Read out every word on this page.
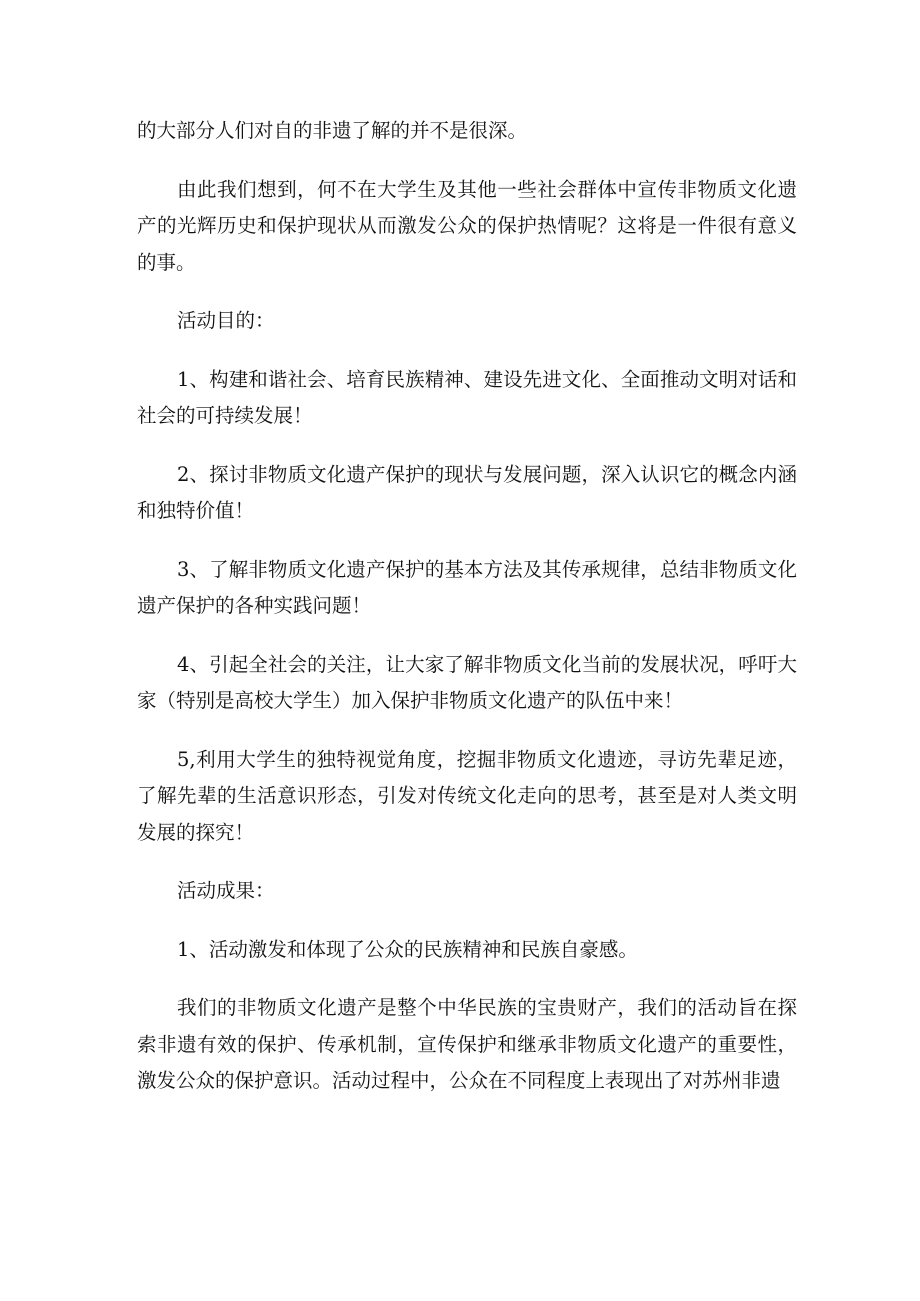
的大部分人们对自的非遗了解的并不是很深。

由此我们想到，何不在大学生及其他一些社会群体中宣传非物质文化遗产的光辉历史和保护现状从而激发公众的保护热情呢？这将是一件很有意义的事。

活动目的：

1、构建和谐社会、培育民族精神、建设先进文化、全面推动文明对话和社会的可持续发展！

2、探讨非物质文化遗产保护的现状与发展问题，深入认识它的概念内涵和独特价值！

3、了解非物质文化遗产保护的基本方法及其传承规律，总结非物质文化遗产保护的各种实践问题！

4、引起全社会的关注，让大家了解非物质文化当前的发展状况，呼吁大家（特别是高校大学生）加入保护非物质文化遗产的队伍中来！

5,利用大学生的独特视觉角度，挖掘非物质文化遗迹，寻访先辈足迹，了解先辈的生活意识形态，引发对传统文化走向的思考，甚至是对人类文明发展的探究！

活动成果：

1、活动激发和体现了公众的民族精神和民族自豪感。

我们的非物质文化遗产是整个中华民族的宝贵财产，我们的活动旨在探索非遗有效的保护、传承机制，宣传保护和继承非物质文化遗产的重要性，激发公众的保护意识。活动过程中，公众在不同程度上表现出了对苏州非遗
